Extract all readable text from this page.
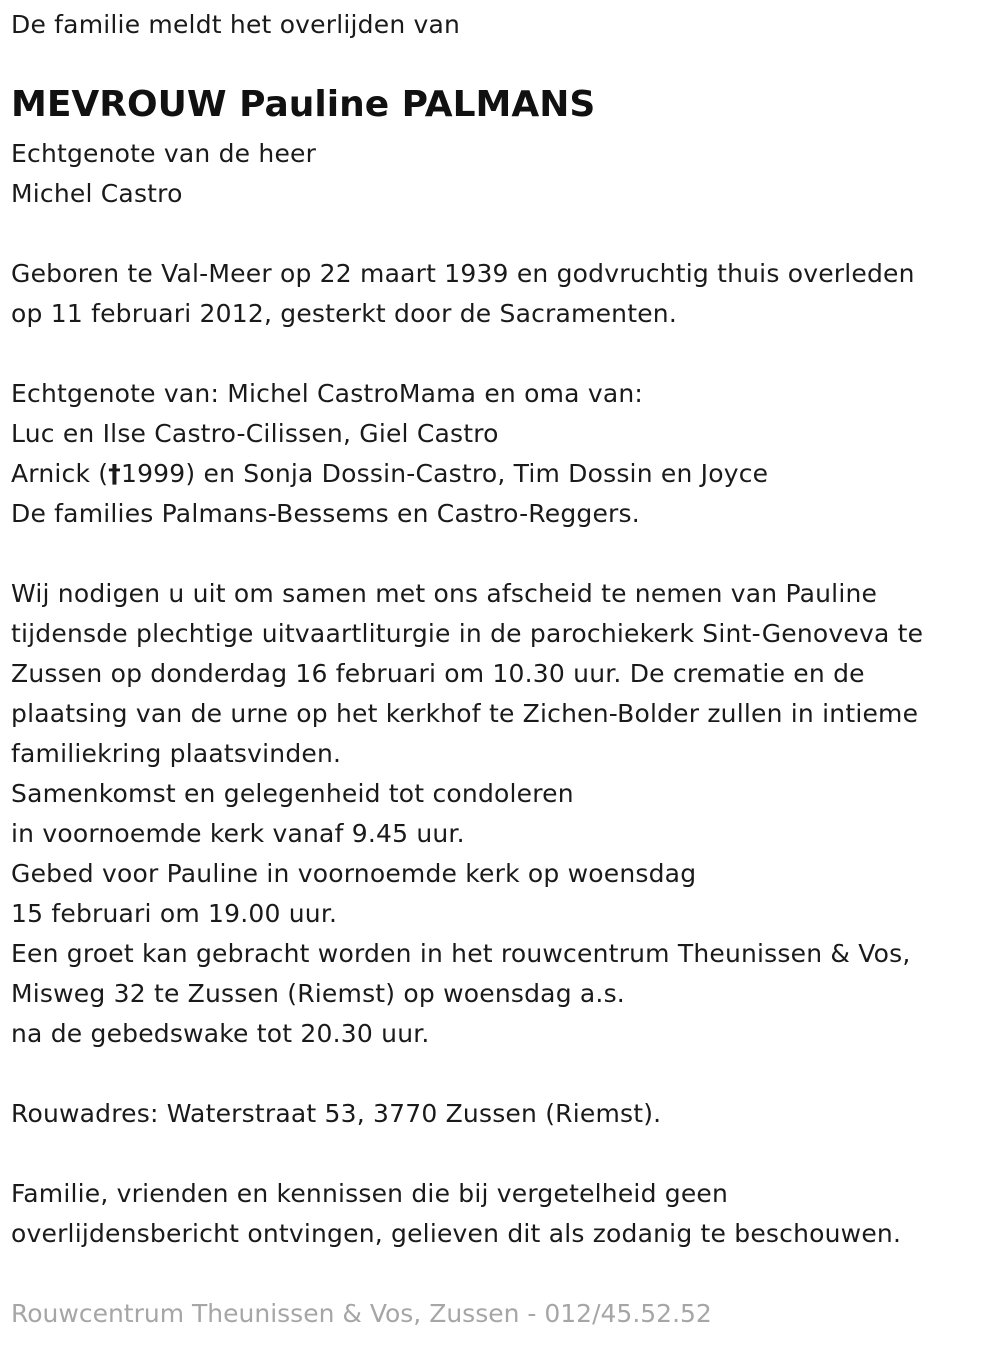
De familie meldt het overlijden van
MEVROUW Pauline PALMANS
Echtgenote van de heer
Michel Castro
Geboren te Val-Meer op 22 maart 1939 en godvruchtig thuis overleden
op 11 februari 2012, gesterkt door de Sacramenten.
Echtgenote van: Michel CastroMama en oma van:
Luc en Ilse Castro-Cilissen, Giel Castro
Arnick (†1999) en Sonja Dossin-Castro, Tim Dossin en Joyce
De families Palmans-Bessems en Castro-Reggers.
Wij nodigen u uit om samen met ons afscheid te nemen van Pauline
tijdensde plechtige uitvaartliturgie in de parochiekerk Sint-Genoveva te
Zussen op donderdag 16 februari om 10.30 uur. De crematie en de
plaatsing van de urne op het kerkhof te Zichen-Bolder zullen in intieme
familiekring plaatsvinden.
Samenkomst en gelegenheid tot condoleren
in voornoemde kerk vanaf 9.45 uur.
Gebed voor Pauline in voornoemde kerk op woensdag
15 februari om 19.00 uur.
Een groet kan gebracht worden in het rouwcentrum Theunissen & Vos,
Misweg 32 te Zussen (Riemst) op woensdag a.s.
na de gebedswake tot 20.30 uur.
Rouwadres: Waterstraat 53, 3770 Zussen (Riemst).
Familie, vrienden en kennissen die bij vergetelheid geen
overlijdensbericht ontvingen, gelieven dit als zodanig te beschouwen.
Rouwcentrum Theunissen & Vos, Zussen - 012/45.52.52
